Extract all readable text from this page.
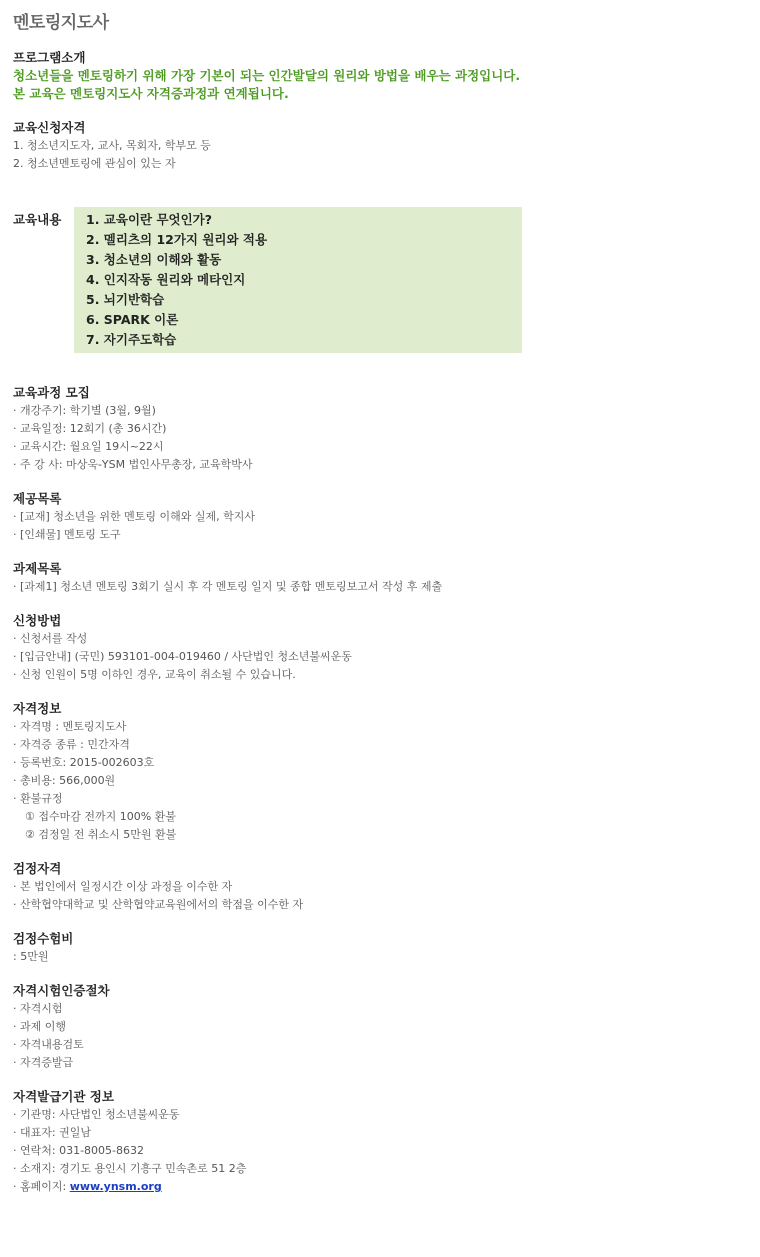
멘토링지도사
프로그램소개
청소년들을 멘토링하기 위해 가장 기본이 되는 인간발달의 원리와 방법을 배우는 과정입니다.
본 교육은 멘토링지도사 자격증과정과 연계됩니다.
교육신청자격
1. 청소년지도자, 교사, 목회자, 학부모 등
2. 청소년멘토링에 관심이 있는 자
교육내용	1. 교육이란 무엇인가?
2. 멜리츠의 12가지 원리와 적용
3. 청소년의 이해와 활동
4. 인지작동 원리와 메타인지
5. 뇌기반학습
6. SPARK 이론
7. 자기주도학습
교육과정 모집
· 개강주기: 학기별 (3월, 9월)
· 교육일정: 12회기 (총 36시간)
· 교육시간: 월요일 19시~22시
· 주 강 사: 마상욱-YSM 법인사무총장, 교육학박사
제공목록
· [교재] 청소년을 위한 멘토링 이해와 실제, 학지사
· [인쇄물] 멘토링 도구
과제목록
· [과제1] 청소년 멘토링 3회기 실시 후 각 멘토링 일지 및 종합 멘토링보고서 작성 후 제출
신청방법
· 신청서를 작성
· [입금안내] (국민) 593101-004-019460 / 사단법인 청소년불씨운동
· 신청 인원이 5명 이하인 경우, 교육이 취소될 수 있습니다.
자격정보
· 자격명 : 멘토링지도사
· 자격증 종류 : 민간자격
· 등록번호: 2015-002603호
· 총비용: 566,000원
· 환불규정
① 접수마감 전까지 100% 환불
② 검정일 전 취소시 5만원 환불
검정자격
· 본 법인에서 일정시간 이상 과정을 이수한 자
· 산학협약대학교 및 산학협약교육원에서의 학점을 이수한 자
검정수험비
: 5만원
자격시험인증절차
· 자격시험
· 과제 이행
· 자격내용검토
· 자격증발급
자격발급기관 정보
· 기관명: 사단법인 청소년불씨운동
· 대표자: 권일남
· 연락처: 031-8005-8632
· 소재지: 경기도 용인시 기흥구 민속촌로 51 2층
· 홈페이지: www.ynsm.org
